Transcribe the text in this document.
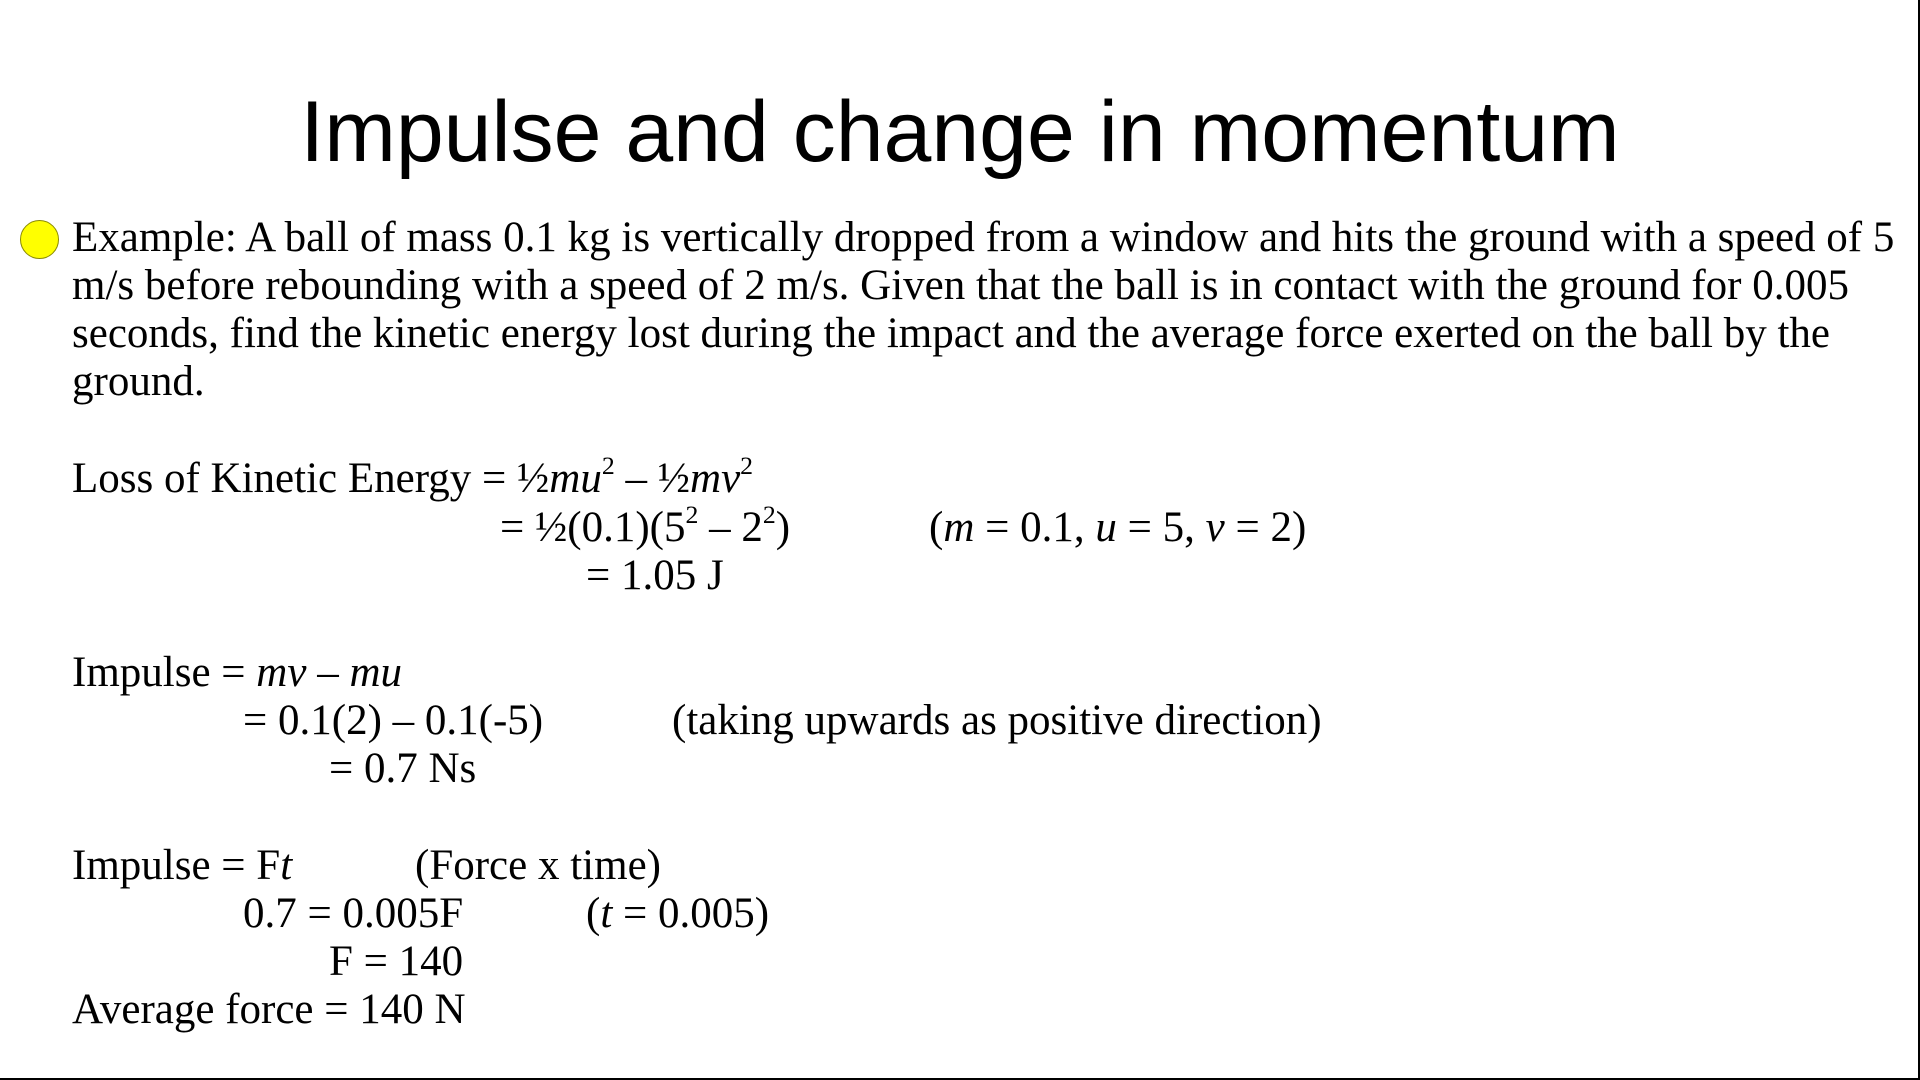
Impulse and change in momentum

Example: A ball of mass 0.1 kg is vertically dropped from a window and hits the ground with a speed of 5 m/s before rebounding with a speed of 2 m/s. Given that the ball is in contact with the ground for 0.005 seconds, find the kinetic energy lost during the impact and the average force exerted on the ball by the ground.

Loss of Kinetic Energy = $\frac{1}{2}mu^2$ – $\frac{1}{2}mv^2$
= $\frac{1}{2}(0.1)(5^2 - 2^2)$	(m = 0.1, u = 5, v = 2)
= 1.05 J
Impulse = mv – mu
= 0.1(2) – 0.1(-5)	(taking upwards as positive direction)
= 0.7 Ns
Impulse = Ft	(Force x time)
0.7 = 0.005F	(t = 0.005)
F = 140
Average force = 140 N
